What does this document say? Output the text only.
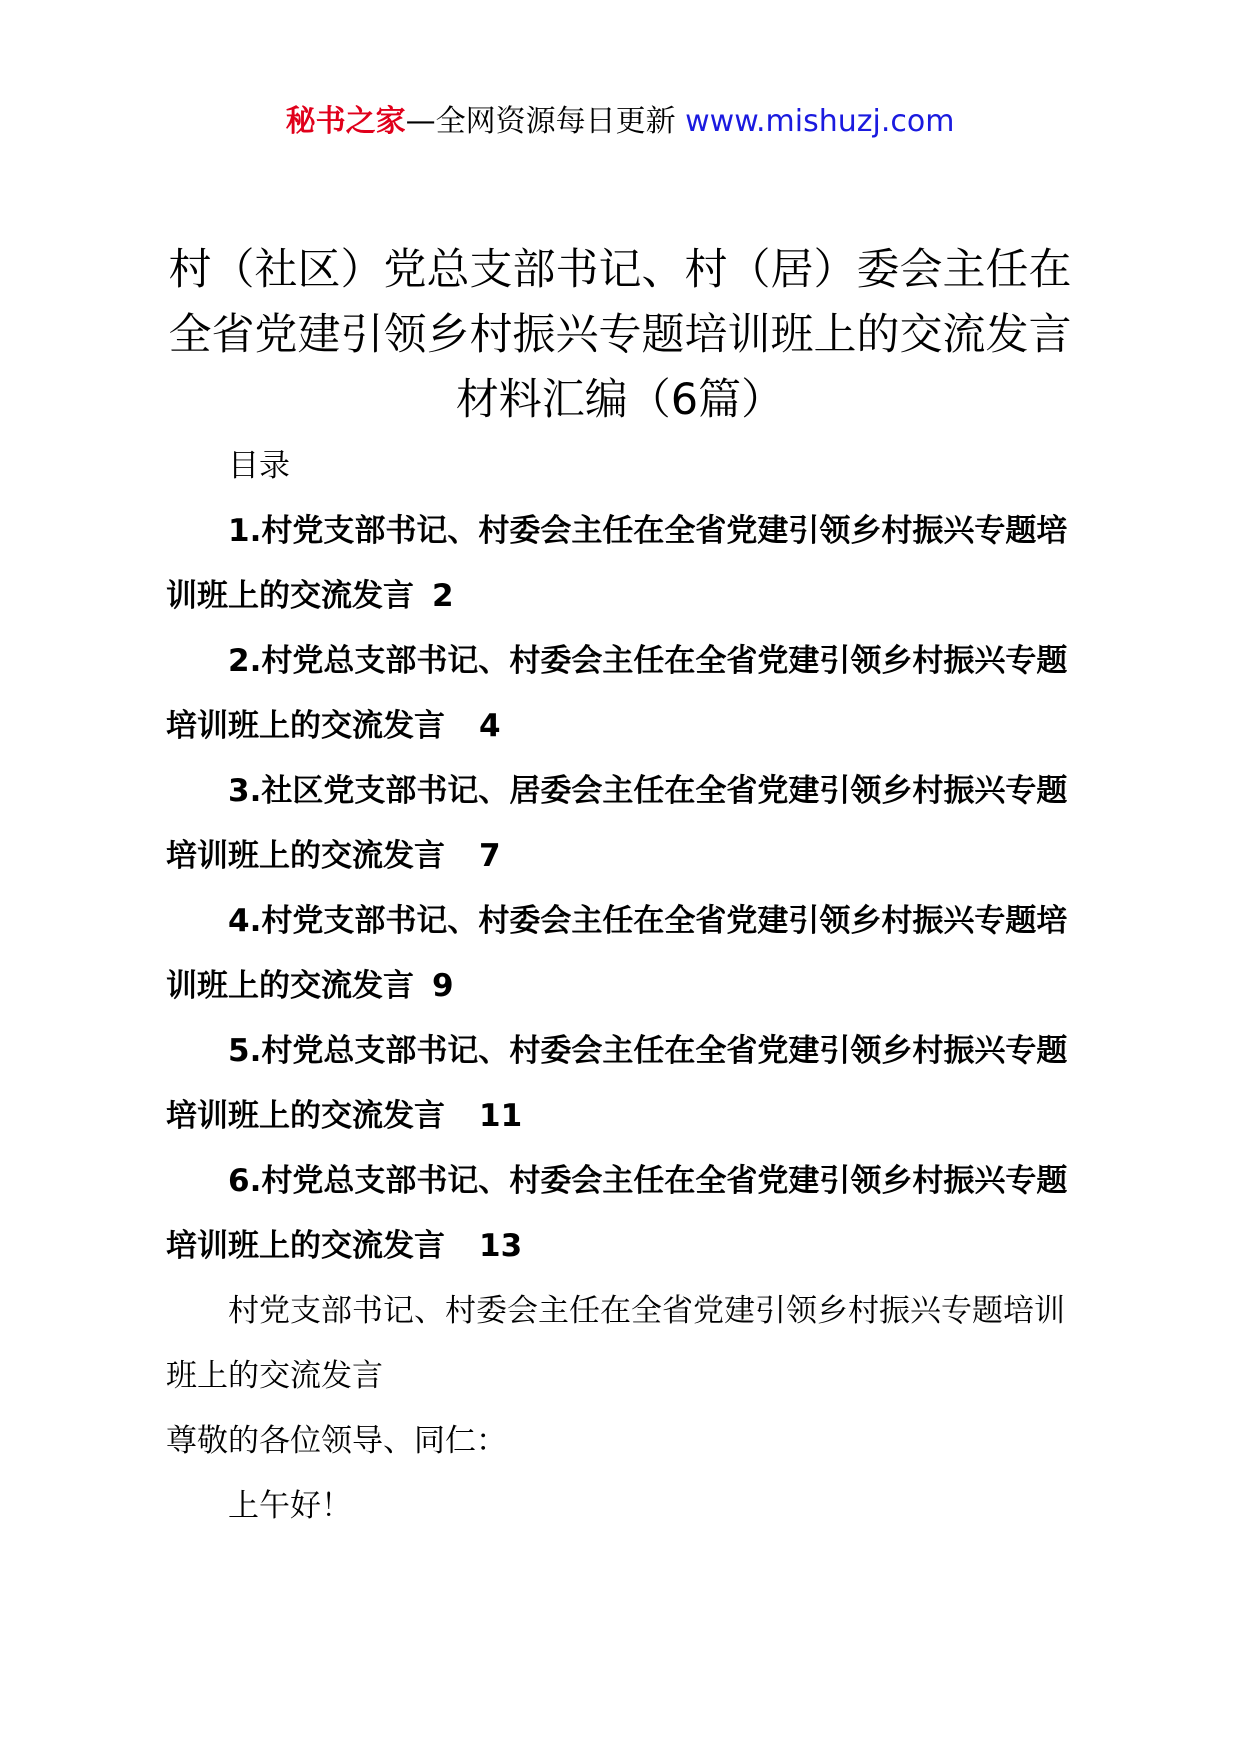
秘书之家—全网资源每日更新 www.mishuzj.com
村（社区）党总支部书记、村（居）委会主任在全省党建引领乡村振兴专题培训班上的交流发言材料汇编（6篇）

目录

1.村党支部书记、村委会主任在全省党建引领乡村振兴专题培训班上的交流发言 2

2.村党总支部书记、村委会主任在全省党建引领乡村振兴专题培训班上的交流发言 4

3.社区党支部书记、居委会主任在全省党建引领乡村振兴专题培训班上的交流发言 7

4.村党支部书记、村委会主任在全省党建引领乡村振兴专题培训班上的交流发言 9

5.村党总支部书记、村委会主任在全省党建引领乡村振兴专题培训班上的交流发言 11

6.村党总支部书记、村委会主任在全省党建引领乡村振兴专题培训班上的交流发言 13

村党支部书记、村委会主任在全省党建引领乡村振兴专题培训班上的交流发言

尊敬的各位领导、同仁：

上午好！
